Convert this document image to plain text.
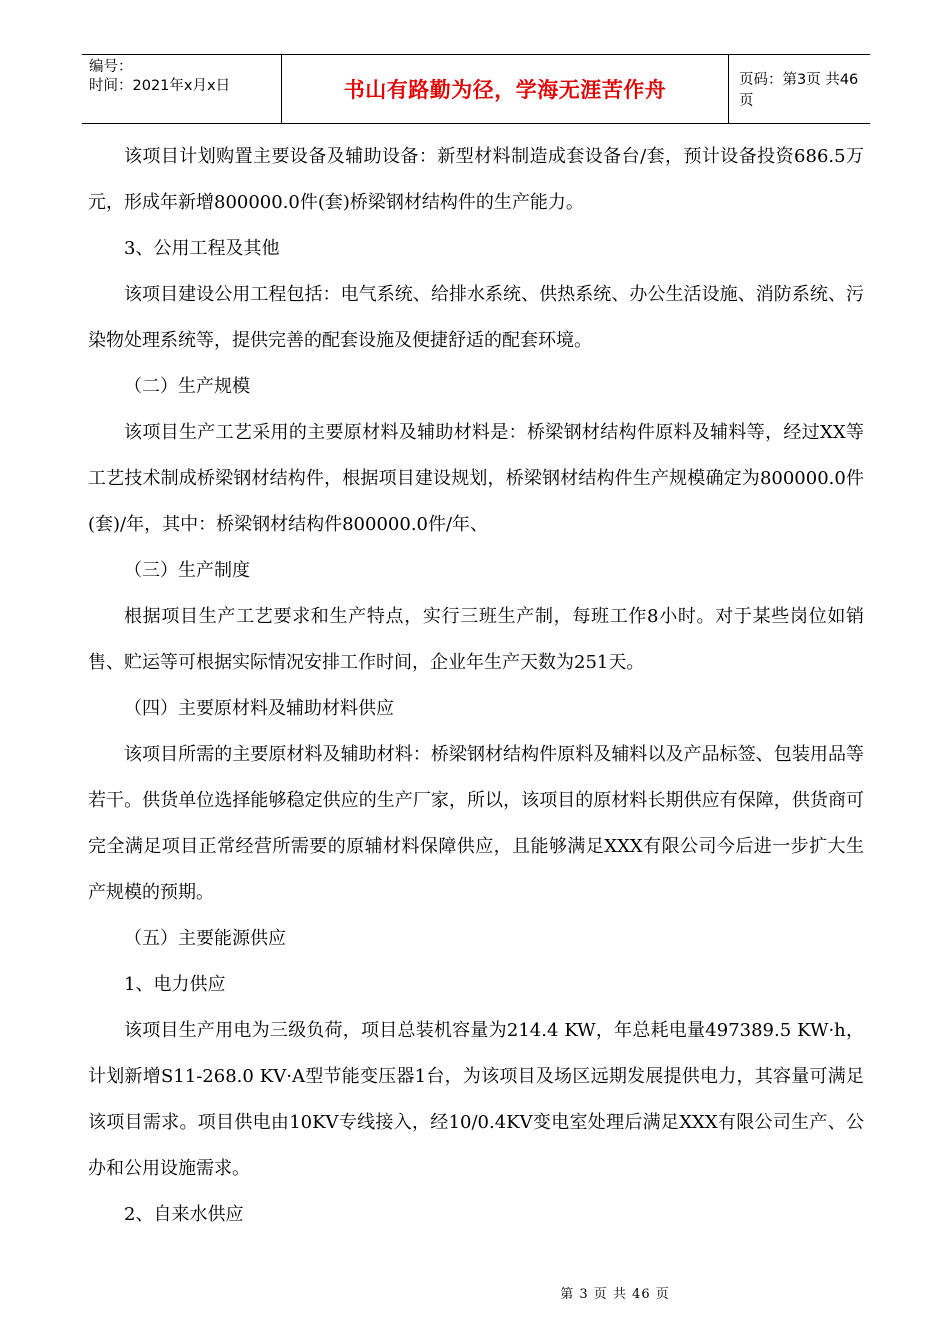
编号：
时间：2021年x月x日	书山有路勤为径，学海无涯苦作舟	页码：第3页 共46页

该项目计划购置主要设备及辅助设备：新型材料制造成套设备台/套，预计设备投资686.5万元，形成年新增800000.0件(套)桥梁钢材结构件的生产能力。

3、公用工程及其他

该项目建设公用工程包括：电气系统、给排水系统、供热系统、办公生活设施、消防系统、污染物处理系统等，提供完善的配套设施及便捷舒适的配套环境。

（二）生产规模

该项目生产工艺采用的主要原材料及辅助材料是：桥梁钢材结构件原料及辅料等，经过XX等工艺技术制成桥梁钢材结构件，根据项目建设规划，桥梁钢材结构件生产规模确定为800000.0件(套)/年，其中：桥梁钢材结构件800000.0件/年、

（三）生产制度

根据项目生产工艺要求和生产特点，实行三班生产制，每班工作8小时。对于某些岗位如销售、贮运等可根据实际情况安排工作时间，企业年生产天数为251天。

（四）主要原材料及辅助材料供应

该项目所需的主要原材料及辅助材料：桥梁钢材结构件原料及辅料以及产品标签、包装用品等若干。供货单位选择能够稳定供应的生产厂家，所以，该项目的原材料长期供应有保障，供货商可完全满足项目正常经营所需要的原辅材料保障供应，且能够满足XXX有限公司今后进一步扩大生产规模的预期。

（五）主要能源供应

1、电力供应

该项目生产用电为三级负荷，项目总装机容量为214.4 KW，年总耗电量497389.5 KW·h，计划新增S11-268.0 KV·A型节能变压器1台，为该项目及场区远期发展提供电力，其容量可满足该项目需求。项目供电由10KV专线接入，经10/0.4KV变电室处理后满足XXX有限公司生产、公办和公用设施需求。

2、自来水供应

第 3 页 共 46 页
